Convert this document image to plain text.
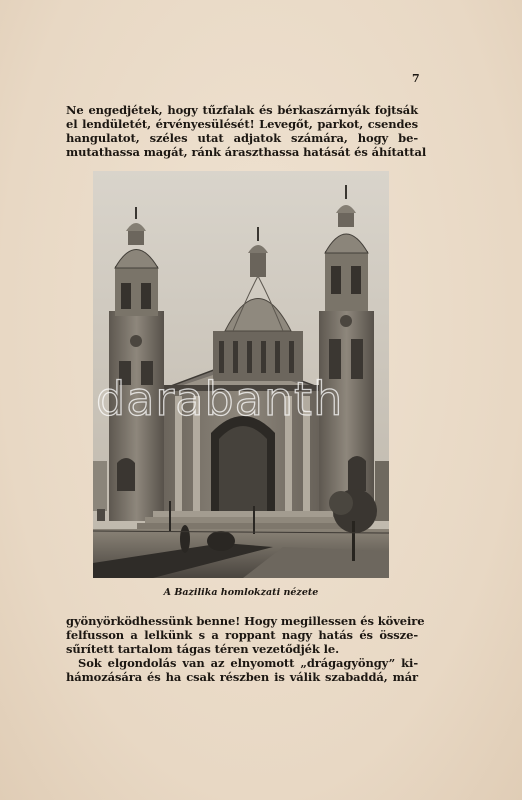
7
Ne engedjétek, hogy tűzfalak és bérkaszárnyák fojtsák
el lendületét, érvényesülését! Levegőt, parkot, csendes
hangulatot, széles utat adjatok számára, hogy be-
mutathassa magát, ránk áraszthassa hatását és áhítattal
darabanth
A Bazilika homlokzati nézete
gyönyörködhessünk benne! Hogy megillessen és köveire
felfusson a lelkünk s a roppant nagy hatás és össze-
sűrített tartalom tágas téren vezetődjék le.
Sok elgondolás van az elnyomott „drágagyöngy” ki-
hámozására és ha csak részben is válik szabaddá, már
